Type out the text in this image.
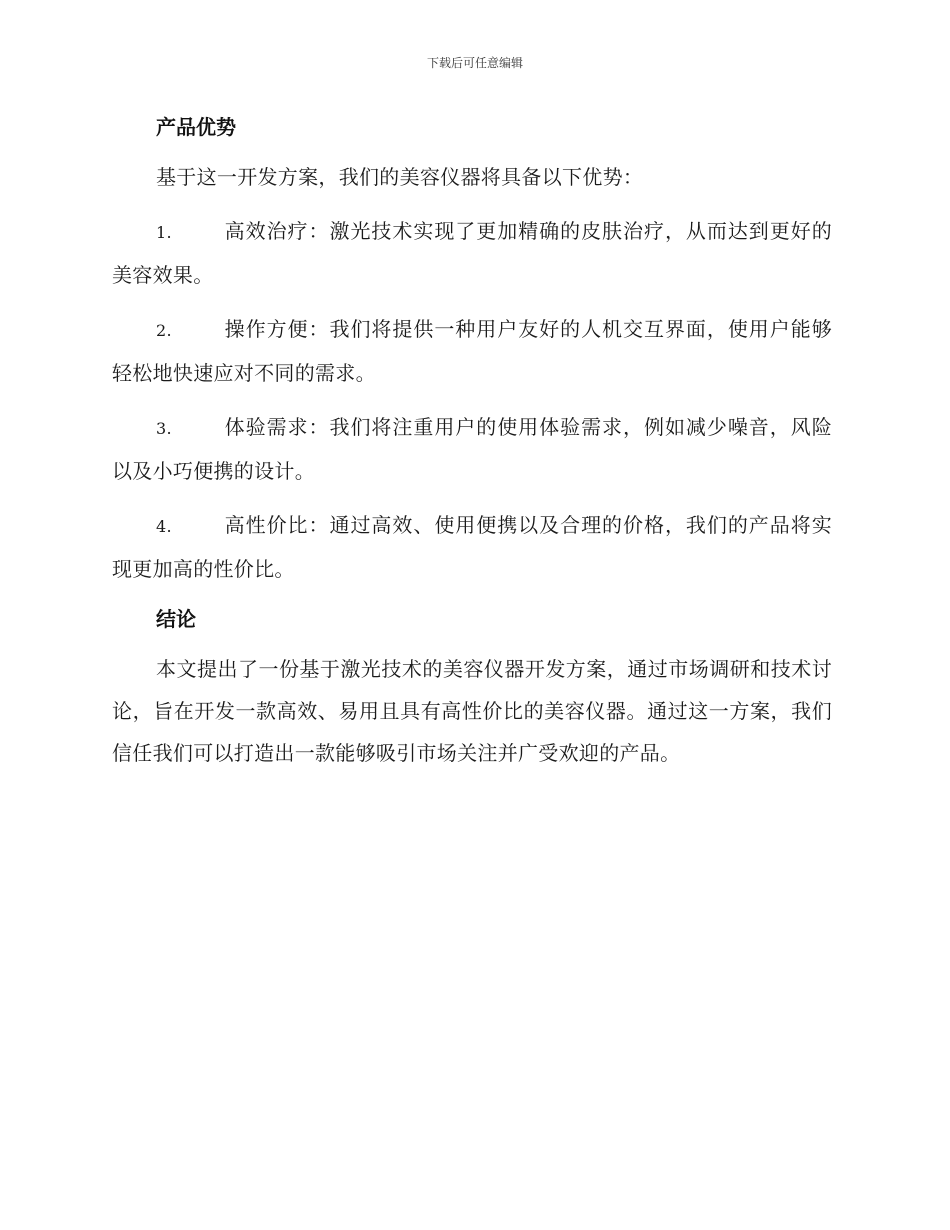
下载后可任意编辑
产品优势

基于这一开发方案，我们的美容仪器将具备以下优势：

1.	高效治疗：激光技术实现了更加精确的皮肤治疗，从而达到更好的美容效果。

2.	操作方便：我们将提供一种用户友好的人机交互界面，使用户能够轻松地快速应对不同的需求。

3.	体验需求：我们将注重用户的使用体验需求，例如减少噪音，风险以及小巧便携的设计。

4.	高性价比：通过高效、使用便携以及合理的价格，我们的产品将实现更加高的性价比。

结论

本文提出了一份基于激光技术的美容仪器开发方案，通过市场调研和技术讨论，旨在开发一款高效、易用且具有高性价比的美容仪器。通过这一方案，我们信任我们可以打造出一款能够吸引市场关注并广受欢迎的产品。
